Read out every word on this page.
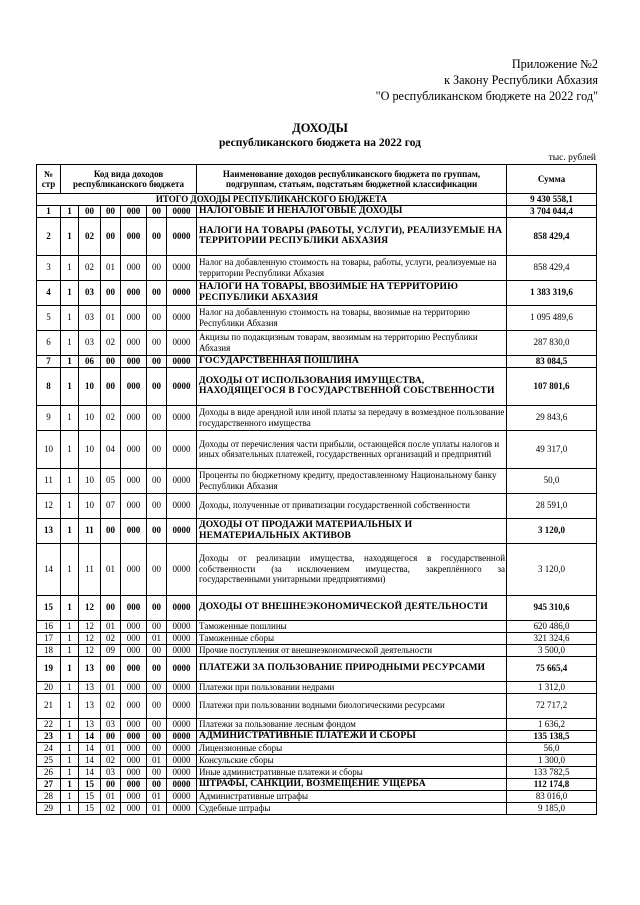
Приложение №2
к Закону Республики Абхазия
"О республиканском бюджете на 2022 год"
ДОХОДЫ
республиканского бюджета на 2022 год
тыс. рублей
№ стр	Код вида доходов республиканского бюджета						Наименование доходов республиканского бюджета по группам, подгруппам, статьям, подстатьям бюджетной классификации	Сумма
ИТОГО ДОХОДЫ РЕСПУБЛИКАНСКОГО БЮДЖЕТА								9 430 558,1
1	1	00	00	000	00	0000	НАЛОГОВЫЕ И НЕНАЛОГОВЫЕ ДОХОДЫ	3 704 044,4
2	1	02	00	000	00	0000	НАЛОГИ НА ТОВАРЫ (РАБОТЫ, УСЛУГИ), РЕАЛИЗУЕМЫЕ НА ТЕРРИТОРИИ РЕСПУБЛИКИ АБХАЗИЯ	858 429,4
3	1	02	01	000	00	0000	Налог на добавленную стоимость на товары, работы, услуги, реализуемые на территории Республики Абхазия	858 429,4
4	1	03	00	000	00	0000	НАЛОГИ НА ТОВАРЫ, ВВОЗИМЫЕ НА ТЕРРИТОРИЮ РЕСПУБЛИКИ АБХАЗИЯ	1 383 319,6
5	1	03	01	000	00	0000	Налог на добавленную стоимость на товары, ввозимые на территорию Республики Абхазия	1 095 489,6
6	1	03	02	000	00	0000	Акцизы по подакцизным товарам, ввозимым на территорию Республики Абхазия	287 830,0
7	1	06	00	000	00	0000	ГОСУДАРСТВЕННАЯ ПОШЛИНА	83 084,5
8	1	10	00	000	00	0000	ДОХОДЫ ОТ ИСПОЛЬЗОВАНИЯ ИМУЩЕСТВА, НАХОДЯЩЕГОСЯ В ГОСУДАРСТВЕННОЙ СОБСТВЕННОСТИ	107 801,6
9	1	10	02	000	00	0000	Доходы в виде арендной или иной платы за передачу в возмездное пользование государственного имущества	29 843,6
10	1	10	04	000	00	0000	Доходы от перечисления части прибыли, остающейся после уплаты налогов и иных обязательных платежей, государственных организаций и предприятий	49 317,0
11	1	10	05	000	00	0000	Проценты по бюджетному кредиту, предоставленному Национальному банку Республики Абхазия	50,0
12	1	10	07	000	00	0000	Доходы, полученные от приватизации государственной собственности	28 591,0
13	1	11	00	000	00	0000	ДОХОДЫ ОТ ПРОДАЖИ МАТЕРИАЛЬНЫХ И НЕМАТЕРИАЛЬНЫХ АКТИВОВ	3 120,0
14	1	11	01	000	00	0000	Доходы от реализации имущества, находящегося в государственной собственности (за исключением имущества, закреплённого за государственными унитарными предприятиями)	3 120,0
15	1	12	00	000	00	0000	ДОХОДЫ ОТ ВНЕШНЕЭКОНОМИЧЕСКОЙ ДЕЯТЕЛЬНОСТИ	945 310,6
16	1	12	01	000	00	0000	Таможенные пошлины	620 486,0
17	1	12	02	000	01	0000	Таможенные сборы	321 324,6
18	1	12	09	000	00	0000	Прочие поступления от внешнеэкономической деятельности	3 500,0
19	1	13	00	000	00	0000	ПЛАТЕЖИ ЗА ПОЛЬЗОВАНИЕ ПРИРОДНЫМИ РЕСУРСАМИ	75 665,4
20	1	13	01	000	00	0000	Платежи при пользовании недрами	1 312,0
21	1	13	02	000	00	0000	Платежи при пользовании водными биологическими ресурсами	72 717,2
22	1	13	03	000	00	0000	Платежи за пользование лесным фондом	1 636,2
23	1	14	00	000	00	0000	АДМИНИСТРАТИВНЫЕ ПЛАТЕЖИ И СБОРЫ	135 138,5
24	1	14	01	000	00	0000	Лицензионные сборы	56,0
25	1	14	02	000	01	0000	Консульские сборы	1 300,0
26	1	14	03	000	00	0000	Иные административные платежи и сборы	133 782,5
27	1	15	00	000	00	0000	ШТРАФЫ, САНКЦИИ, ВОЗМЕЩЕНИЕ УЩЕРБА	112 174,8
28	1	15	01	000	01	0000	Административные штрафы	83 016,0
29	1	15	02	000	01	0000	Судебные штрафы	9 185,0
